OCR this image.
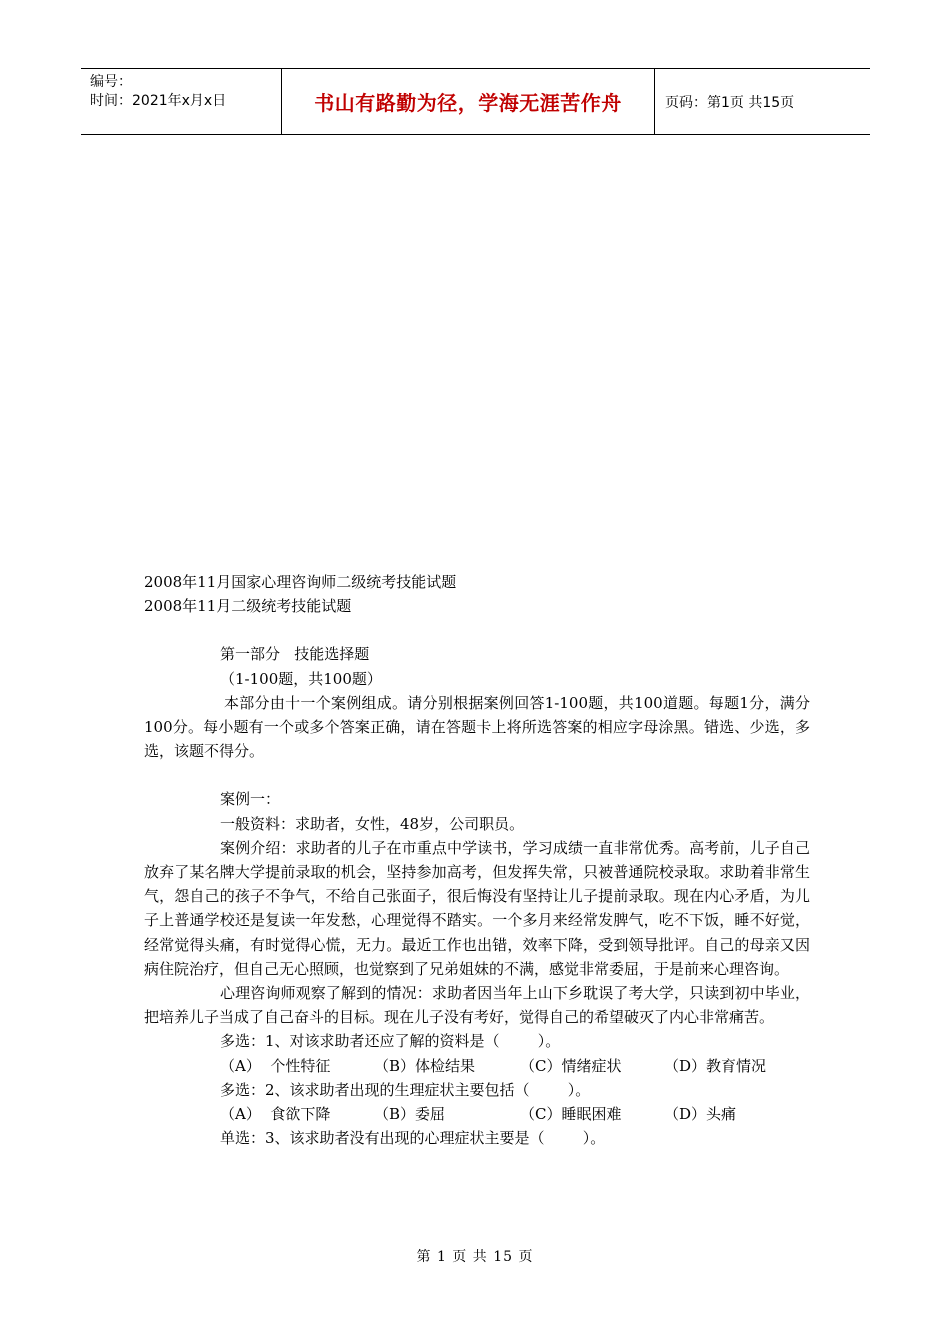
编号：
时间：2021年x月x日	书山有路勤为径，学海无涯苦作舟	页码：第1页 共15页

2008年11月国家心理咨询师二级统考技能试题

2008年11月二级统考技能试题

第一部分   技能选择题

（1-100题，共100题）

本部分由十一个案例组成。请分别根据案例回答1-100题，共100道题。每题1分，满分100分。每小题有一个或多个答案正确，请在答题卡上将所选答案的相应字母涂黑。错选、少选，多选，该题不得分。

案例一：

一般资料：求助者，女性，48岁，公司职员。

案例介绍：求助者的儿子在市重点中学读书，学习成绩一直非常优秀。高考前，儿子自己放弃了某名牌大学提前录取的机会，坚持参加高考，但发挥失常，只被普通院校录取。求助着非常生气，怨自己的孩子不争气，不给自己张面子，很后悔没有坚持让儿子提前录取。现在内心矛盾，为儿子上普通学校还是复读一年发愁，心理觉得不踏实。一个多月来经常发脾气，吃不下饭，睡不好觉，经常觉得头痛，有时觉得心慌，无力。最近工作也出错，效率下降，受到领导批评。自己的母亲又因病住院治疗，但自己无心照顾，也觉察到了兄弟姐妹的不满，感觉非常委屈，于是前来心理咨询。

心理咨询师观察了解到的情况：求助者因当年上山下乡耽误了考大学，只读到初中毕业，把培养儿子当成了自己奋斗的目标。现在儿子没有考好，觉得自己的希望破灭了内心非常痛苦。

多选：1、对该求助者还应了解的资料是（        ）。

（A）  个性特征	（B）体检结果	（C）情绪症状	（D）教育情况

多选：2、该求助者出现的生理症状主要包括（        ）。

（A）  食欲下降	（B）委屈	（C）睡眠困难	（D）头痛

单选：3、该求助者没有出现的心理症状主要是（        ）。

第 1 页 共 15 页
